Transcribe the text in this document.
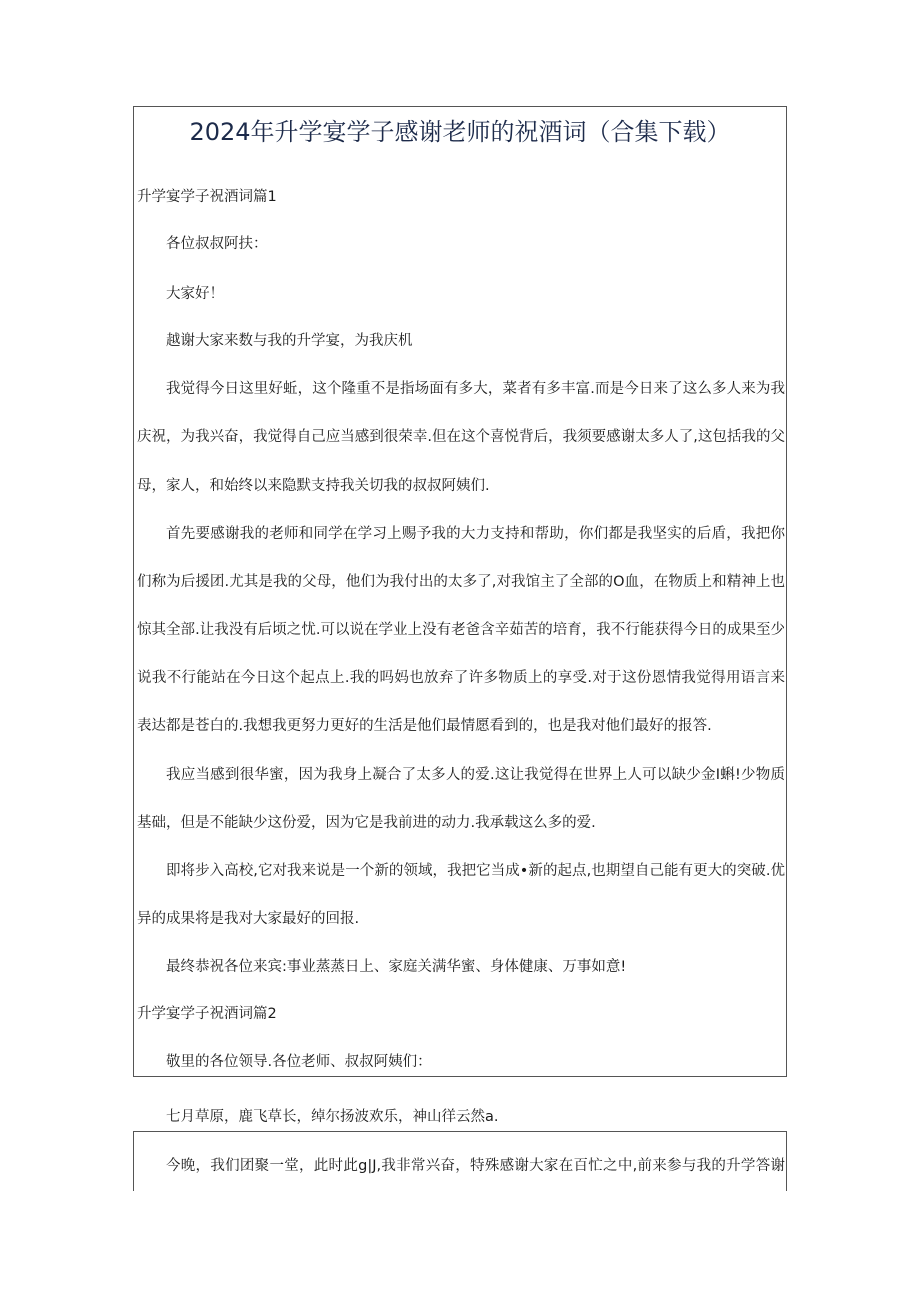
2024年升学宴学子感谢老师的祝酒词（合集下载）

升学宴学子祝酒词篇1

各位叔叔阿扶：

大家好！

越谢大家来数与我的升学宴，为我庆机

我觉得今日这里好蚯，这个隆重不是指场面有多大，菜者有多丰富.而是今日来了这么多人来为我

庆祝，为我兴奋，我觉得自己应当感到很荣幸.但在这个喜悦背后，我须要感谢太多人了,这包括我的父

母，家人，和始终以来隐默支持我关切我的叔叔阿姨们.

首先要感谢我的老师和同学在学习上赐予我的大力支持和帮助，你们都是我坚实的后盾，我把你

们称为后援团.尤其是我的父母，他们为我付出的太多了,对我馆主了全部的O血，在物质上和精神上也

惊其全部.让我没有后顷之忧.可以说在学业上没有老爸含辛茹苦的培育，我不行能获得今日的成果至少

说我不行能站在今日这个起点上.我的吗妈也放弃了许多物质上的享受.对于这份恩情我觉得用语言来

表达都是苍白的.我想我更努力更好的生活是他们最情愿看到的，也是我对他们最好的报答.

我应当感到很华蜜，因为我身上凝合了太多人的爱.这让我觉得在世界上人可以缺少金I蝌!少物质

基础，但是不能缺少这份爱，因为它是我前进的动力.我承载这么多的爱.

即将步入高校,它对我来说是一个新的领域，我把它当成•新的起点,也期望自己能有更大的突破.优

异的成果将是我对大家最好的回报.

最终恭祝各位来宾:事业蒸蒸日上、家庭关满华蜜、身体健康、万事如意!

升学宴学子祝酒词篇2

敬里的各位领导.各位老师、叔叔阿姨们：

七月草原，鹿飞草长，绰尔扬波欢乐，神山徉云然a.

今晚，我们团聚一堂，此时此g|J,我非常兴奋，特殊感谢大家在百忙之中,前来参与我的升学答谢
